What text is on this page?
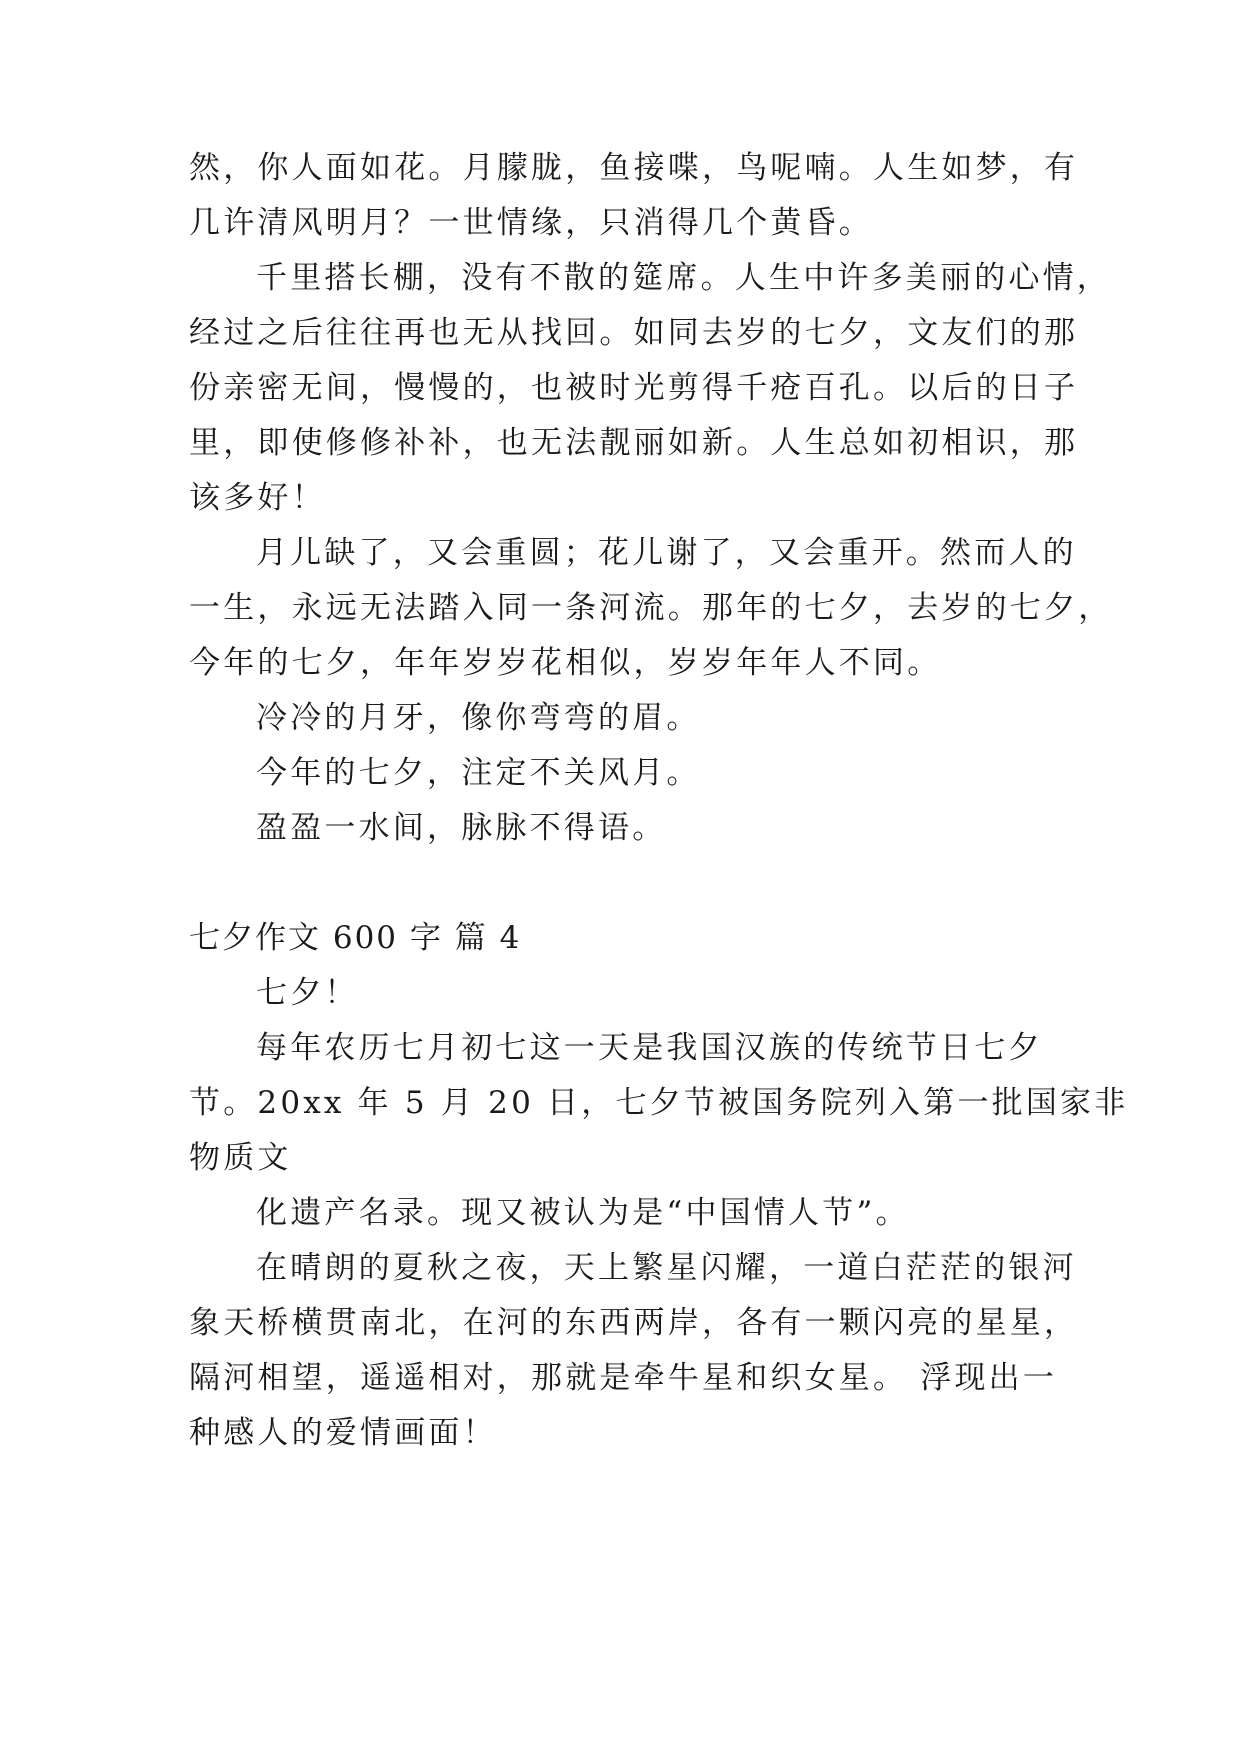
然，你人面如花。月朦胧，鱼接喋，鸟呢喃。人生如梦，有
几许清风明月？一世情缘，只消得几个黄昏。
千里搭长棚，没有不散的筵席。人生中许多美丽的心情，
经过之后往往再也无从找回。如同去岁的七夕，文友们的那
份亲密无间，慢慢的，也被时光剪得千疮百孔。以后的日子
里，即使修修补补，也无法靓丽如新。人生总如初相识，那
该多好！
月儿缺了，又会重圆；花儿谢了，又会重开。然而人的
一生，永远无法踏入同一条河流。那年的七夕，去岁的七夕，
今年的七夕，年年岁岁花相似，岁岁年年人不同。
冷冷的月牙，像你弯弯的眉。
今年的七夕，注定不关风月。
盈盈一水间，脉脉不得语。
七夕作文 600 字 篇 4
七夕！
每年农历七月初七这一天是我国汉族的传统节日七夕
节。20xx 年 5 月 20 日，七夕节被国务院列入第一批国家非
物质文
化遗产名录。现又被认为是“中国情人节”。
在晴朗的夏秋之夜，天上繁星闪耀，一道白茫茫的银河
象天桥横贯南北，在河的东西两岸，各有一颗闪亮的星星，
隔河相望，遥遥相对，那就是牵牛星和织女星。 浮现出一
种感人的爱情画面！
